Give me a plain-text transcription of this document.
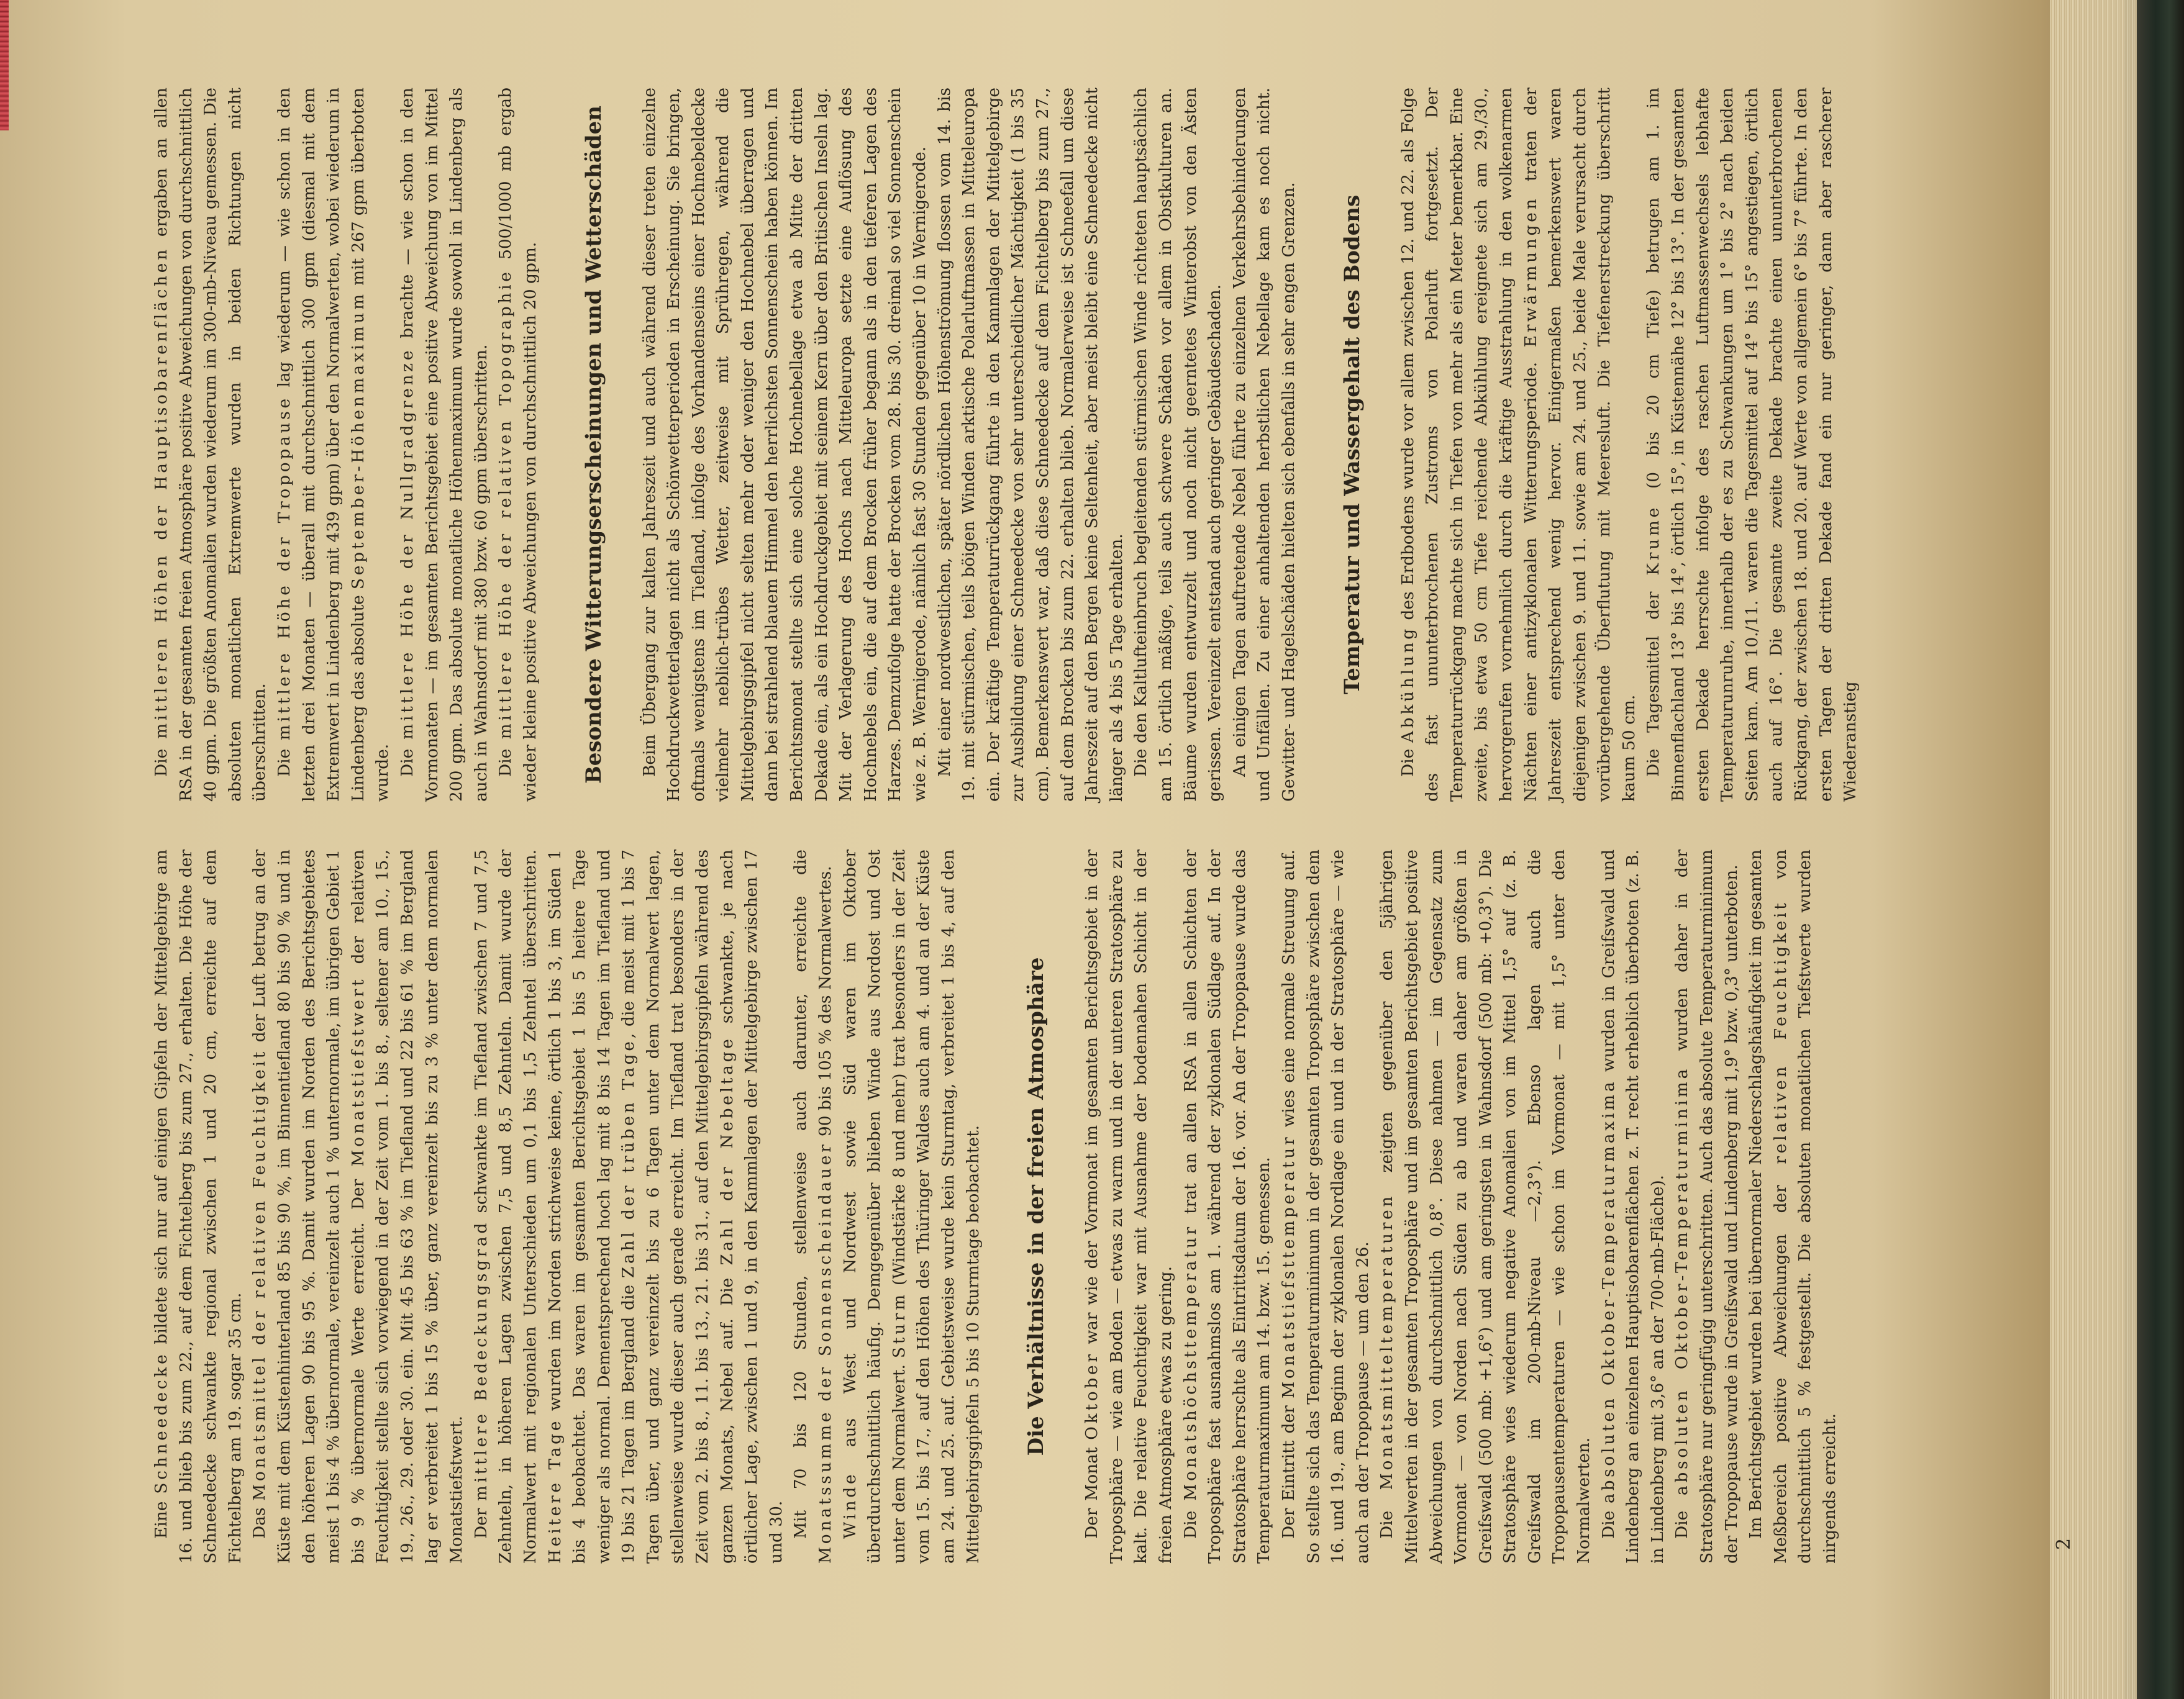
Eine Schneedecke bildete sich nur auf einigen Gipfeln der Mittelgebirge am 16. und blieb bis zum 22., auf dem Fichtelberg bis zum 27., erhalten. Die Höhe der Schneedecke schwankte regional zwischen 1 und 20 cm, erreichte auf dem Fichtelberg am 19. sogar 35 cm. Das Monatsmittel der relativen Feuchtigkeit der Luft betrug an der Küste mit dem Küstenhinterland 85 bis 90 %, im Binnentiefland 80 bis 90 % und in den höheren Lagen 90 bis 95 %. Damit wurden im Norden des Berichtsgebietes meist 1 bis 4 % übernormale, vereinzelt auch 1 % unternormale, im übrigen Gebiet 1 bis 9 % übernormale Werte erreicht. Der Monatstiefstwert der relativen Feuchtigkeit stellte sich vorwiegend in der Zeit vom 1. bis 8., seltener am 10., 15., 19., 26., 29. oder 30. ein. Mit 45 bis 63 % im Tiefland und 22 bis 61 % im Bergland lag er verbreitet 1 bis 15 % über, ganz vereinzelt bis zu 3 % unter dem normalen Monatstiefstwert. Der mittlere Bedeckungsgrad schwankte im Tiefland zwischen 7 und 7,5 Zehnteln, in höheren Lagen zwischen 7,5 und 8,5 Zehnteln. Damit wurde der Normalwert mit regionalen Unterschieden um 0,1 bis 1,5 Zehntel überschritten. Heitere Tage wurden im Norden strichweise keine, örtlich 1 bis 3, im Süden 1 bis 4 beobachtet. Das waren im gesamten Berichtsgebiet 1 bis 5 heitere Tage weniger als normal. Dementsprechend hoch lag mit 8 bis 14 Tagen im Tiefland und 19 bis 21 Tagen im Bergland die Zahl der trüben Tage, die meist mit 1 bis 7 Tagen über, und ganz vereinzelt bis zu 6 Tagen unter dem Normalwert lagen, stellenweise wurde dieser auch gerade erreicht. Im Tiefland trat besonders in der Zeit vom 2. bis 8., 11. bis 13., 21. bis 31., auf den Mittelgebirgsgipfeln während des ganzen Monats, Nebel auf. Die Zahl der Nebeltage schwankte, je nach örtlicher Lage, zwischen 1 und 9, in den Kammlagen der Mittelgebirge zwischen 17 und 30. Mit 70 bis 120 Stunden, stellenweise auch darunter, erreichte die Monatssumme der Sonnenscheindauer 90 bis 105 % des Normalwertes.

Winde aus West und Nordwest sowie Süd waren im Oktober überdurchschnittlich häufig. Demgegenüber blieben Winde aus Nordost und Ost unter dem Normalwert. Sturm (Windstärke 8 und mehr) trat besonders in der Zeit vom 15. bis 17., auf den Höhen des Thüringer Waldes auch am 4. und an der Küste am 24. und 25. auf. Gebietsweise wurde kein Sturmtag, verbreitet 1 bis 4, auf den Mittelgebirgsgipfeln 5 bis 10 Sturmtage beobachtet. Die Verhältnisse in der freien Atmosphäre

Der Monat Oktober war wie der Vormonat im gesamten Berichtsgebiet in der Troposphäre — wie am Boden — etwas zu warm und in der unteren Stratosphäre zu kalt. Die relative Feuchtigkeit war mit Ausnahme der bodennahen Schicht in der freien Atmosphäre etwas zu gering. Die Monatshöchsttemperatur trat an allen RSA in allen Schichten der Troposphäre fast ausnahmslos am 1. während der zyklonalen Südlage auf. In der Stratosphäre herrschte als Eintrittsdatum der 16. vor. An der Tropopause wurde das Temperaturmaximum am 14. bzw. 15. gemessen. Der Eintritt der Monatstiefsttemperatur wies eine normale Streuung auf. So stellte sich das Temperaturminimum in der gesamten Troposphäre zwischen dem 16. und 19., am Beginn der zyklonalen Nordlage ein und in der Stratosphäre — wie auch an der Tropopause — um den 26. Die Monatsmitteltemperaturen zeigten gegenüber den 5jährigen Mittelwerten in der gesamten Troposphäre und im gesamten Berichtsgebiet positive Abweichungen von durchschnittlich 0,8°. Diese nahmen — im Gegensatz zum Vormonat — von Norden nach Süden zu ab und waren daher am größten in Greifswald (500 mb: +1,6°) und am geringsten in Wahnsdorf (500 mb: +0,3°). Die Stratosphäre wies wiederum negative Anomalien von im Mittel 1,5° auf (z. B. Greifswald im 200-mb-Niveau —2,3°). Ebenso lagen auch die Tropopausentemperaturen — wie schon im Vormonat — mit 1,5° unter den Normalwerten. Die absoluten Oktober-Temperaturmaxima wurden in Greifswald und Lindenberg an einzelnen Hauptisobarenflächen z. T. recht erheblich überboten (z. B. in Lindenberg mit 3,6° an der 700-mb-Fläche). Die absoluten Oktober-Temperaturminima wurden daher in der Stratosphäre nur geringfügig unterschritten. Auch das absolute Temperaturminimum der Tropopause wurde in Greifswald und Lindenberg mit 1,9° bzw. 0,3° unterboten. Im Berichtsgebiet wurden bei übernormaler Niederschlagshäufigkeit im gesamten Meßbereich positive Abweichungen der relativen Feuchtigkeit von durchschnittlich 5 % festgestellt. Die absoluten monatlichen Tiefstwerte wurden nirgends erreicht.

Die mittleren Höhen der Hauptisobarenflächen ergaben an allen RSA in der gesamten freien Atmosphäre positive Abweichungen von durchschnittlich 40 gpm. Die größten Anomalien wurden wiederum im 300-mb-Niveau gemessen. Die absoluten monatlichen Extremwerte wurden in beiden Richtungen nicht überschritten. Die mittlere Höhe der Tropopause lag wiederum — wie schon in den letzten drei Monaten — überall mit durchschnittlich 300 gpm (diesmal mit dem Extremwert in Lindenberg mit 439 gpm) über den Normalwerten, wobei wiederum in Lindenberg das absolute September-Höhenmaximum mit 267 gpm überboten wurde. Die mittlere Höhe der Nullgradgrenze brachte — wie schon in den Vormonaten — im gesamten Berichtsgebiet eine positive Abweichung von im Mittel 200 gpm. Das absolute monatliche Höhenmaximum wurde sowohl in Lindenberg als auch in Wahnsdorf mit 380 bzw. 60 gpm überschritten. Die mittlere Höhe der relativen Topographie 500/1000 mb ergab wieder kleine positive Abweichungen von durchschnittlich 20 gpm. Besondere Witterungserscheinungen und Wetterschäden Beim Übergang zur kalten Jahreszeit und auch während dieser treten einzelne Hochdruckwetterlagen nicht als Schönwetterperioden in Erscheinung. Sie bringen, oftmals wenigstens im Tiefland, infolge des Vorhandenseins einer Hochnebeldecke vielmehr neblich-trübes Wetter, zeitweise mit Sprühregen, während die Mittelgebirgsgipfel nicht selten mehr oder weniger den Hochnebel überragen und dann bei strahlend blauem Himmel den herrlichsten Sonnenschein haben können. Im Berichtsmonat stellte sich eine solche Hochnebellage etwa ab Mitte der dritten Dekade ein, als ein Hochdruckgebiet mit seinem Kern über den Britischen Inseln lag. Mit der Verlagerung des Hochs nach Mitteleuropa setzte eine Auflösung des Hochnebels ein, die auf dem Brocken früher begann als in den tieferen Lagen des Harzes. Demzufolge hatte der Brocken vom 28. bis 30. dreimal so viel Sonnenschein wie z. B. Wernigerode, nämlich fast 30 Stunden gegenüber 10 in Wernigerode. Mit einer nordwestlichen, später nördlichen Höhenströmung flossen vom 14. bis 19. mit stürmischen, teils böigen Winden arktische Polarluftmassen in Mitteleuropa ein. Der kräftige Temperaturrückgang führte in den Kammlagen der Mittelgebirge zur Ausbildung einer Schneedecke von sehr unterschiedlicher Mächtigkeit (1 bis 35 cm). Bemerkenswert war, daß diese Schneedecke auf dem Fichtelberg bis zum 27., auf dem Brocken bis zum 22. erhalten blieb. Normalerweise ist Schneefall um diese Jahreszeit auf den Bergen keine Seltenheit, aber meist bleibt eine Schneedecke nicht länger als 4 bis 5 Tage erhalten. Die den Kaltlufteinbruch begleitenden stürmischen Winde richteten hauptsächlich am 15. örtlich mäßige, teils auch schwere Schäden vor allem in Obstkulturen an. Bäume wurden entwurzelt und noch nicht geerntetes Winterobst von den Ästen gerissen. Vereinzelt entstand auch geringer Gebäudeschaden. An einigen Tagen auftretende Nebel führte zu einzelnen Verkehrsbehinderungen und Unfällen. Zu einer anhaltenden herbstlichen Nebellage kam es noch nicht. Gewitter- und Hagelschäden hielten sich ebenfalls in sehr engen Grenzen. Temperatur und Wassergehalt des Bodens

Die Abkühlung des Erdbodens wurde vor allem zwischen 12. und 22. als Folge des fast ununterbrochenen Zustroms von Polarluft fortgesetzt. Der Temperaturrückgang machte sich in Tiefen von mehr als ein Meter bemerkbar. Eine zweite, bis etwa 50 cm Tiefe reichende Abkühlung ereignete sich am 29./30., hervorgerufen vornehmlich durch die kräftige Ausstrahlung in den wolkenarmen Nächten einer antizyklonalen Witterungsperiode. Erwärmungen traten der Jahreszeit entsprechend wenig hervor. Einigermaßen bemerkenswert waren diejenigen zwischen 9. und 11. sowie am 24. und 25., beide Male verursacht durch vorübergehende Überflutung mit Meeresluft. Die Tiefenerstreckung überschritt kaum 50 cm. Die Tagesmittel der Krume (0 bis 20 cm Tiefe) betrugen am 1. im Binnenflachland 13° bis 14°, örtlich 15°, in Küstennähe 12° bis 13°. In der gesamten ersten Dekade herrschte infolge des raschen Luftmassenwechsels lebhafte Temperaturunruhe, innerhalb der es zu Schwankungen um 1° bis 2° nach beiden Seiten kam. Am 10./11. waren die Tagesmittel auf 14° bis 15° angestiegen, örtlich auch auf 16°. Die gesamte zweite Dekade brachte einen ununterbrochenen Rückgang, der zwischen 18. und 20. auf Werte von allgemein 6° bis 7° führte. In den ersten Tagen der dritten Dekade fand ein nur geringer, dann aber rascherer Wiederanstieg

2
